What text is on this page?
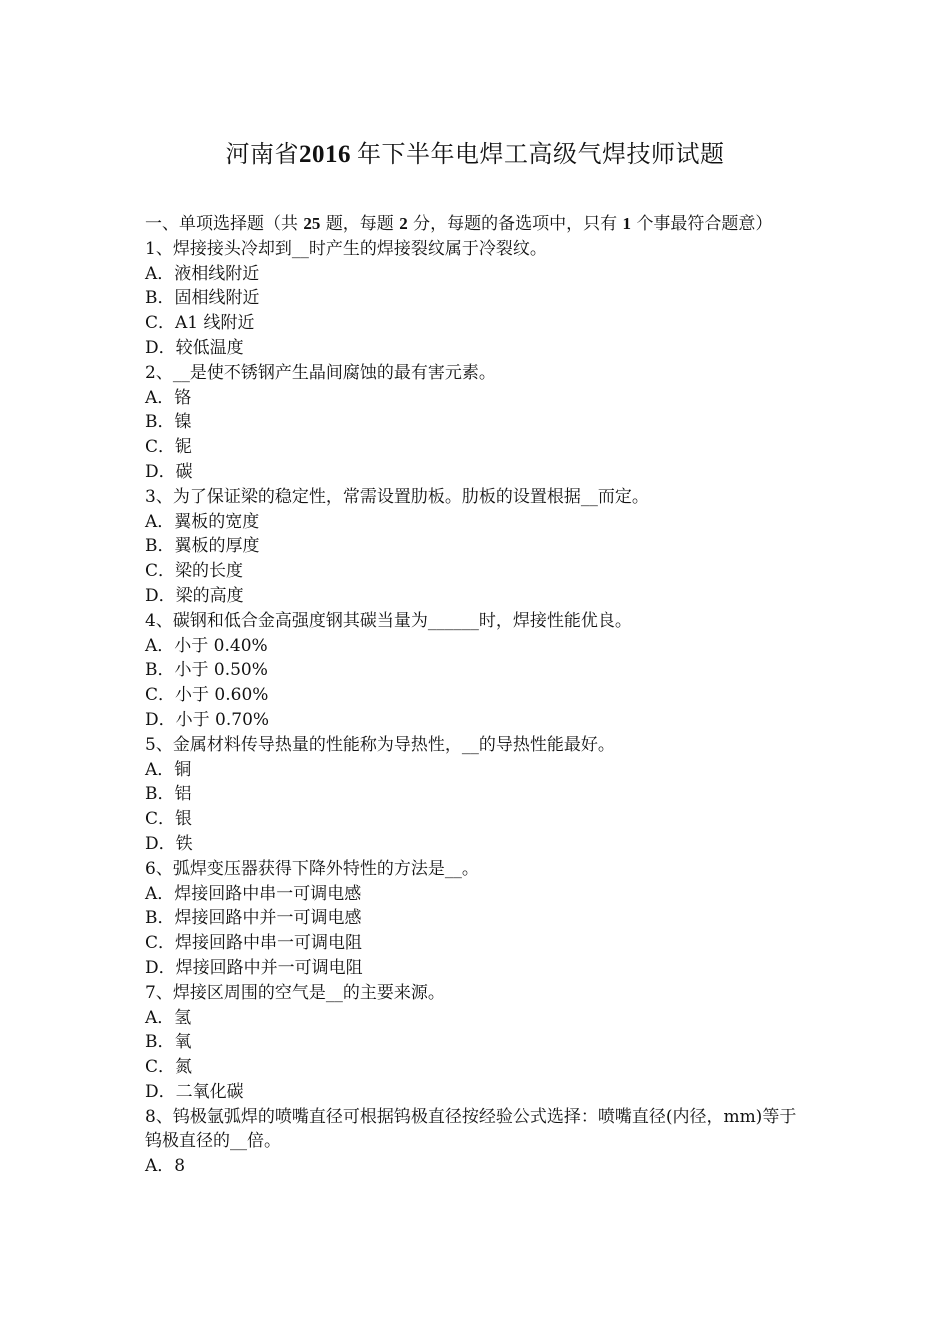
河南省2016 年下半年电焊工高级气焊技师试题

一、单项选择题（共 25 题，每题 2 分，每题的备选项中，只有 1 个事最符合题意）

1、焊接接头冷却到__时产生的焊接裂纹属于冷裂纹。

A．液相线附近

B．固相线附近

C．A1 线附近

D．较低温度

2、__是使不锈钢产生晶间腐蚀的最有害元素。

A．铬

B．镍

C．铌

D．碳

3、为了保证梁的稳定性，常需设置肋板。肋板的设置根据__而定。

A．翼板的宽度

B．翼板的厚度

C．梁的长度

D．梁的高度

4、碳钢和低合金高强度钢其碳当量为______时，焊接性能优良。

A．小于 0.40%

B．小于 0.50%

C．小于 0.60%

D．小于 0.70%

5、金属材料传导热量的性能称为导热性，__的导热性能最好。

A．铜

B．铝

C．银

D．铁

6、弧焊变压器获得下降外特性的方法是__。

A．焊接回路中串一可调电感

B．焊接回路中并一可调电感

C．焊接回路中串一可调电阻

D．焊接回路中并一可调电阻

7、焊接区周围的空气是__的主要来源。

A．氢

B．氧

C．氮

D．二氧化碳

8、钨极氩弧焊的喷嘴直径可根据钨极直径按经验公式选择：喷嘴直径(内径，mm)等于钨极直径的__倍。

A．8
